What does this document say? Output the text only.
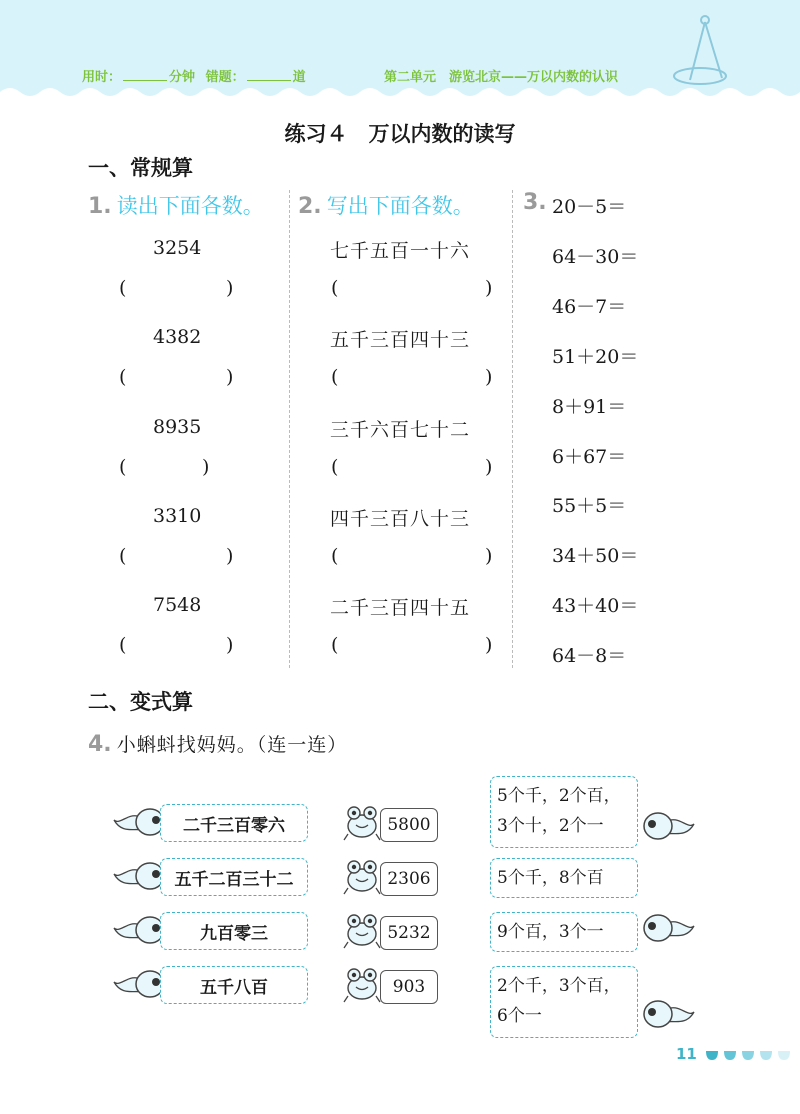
用时：	分钟 错题：	道	第二单元　游览北京——万以内数的认识
练习４　万以内数的读写
一、常规算
1. 读出下面各数。
3254
(	)
4382
(	)
8935
(	)
3310
(	)
7548
(	)
2. 写出下面各数。
七千五百一十六
(	)
五千三百四十三
(	)
三千六百七十二
(	)
四千三百八十三
(	)
二千三百四十五
(	)
3. 20－5＝
64－30＝
46－7＝
51＋20＝
8＋91＝
6＋67＝
55＋5＝
34＋50＝
43＋40＝
64－8＝
二、变式算
4. 小蝌蚪找妈妈。（连一连）
二千三百零六
五千二百三十二
九百零三
五千八百
5800
2306
5232
903
5个千，2个百，
3个十，2个一
5个千，8个百
9个百，3个一
2个千，3个百，
6个一
11
